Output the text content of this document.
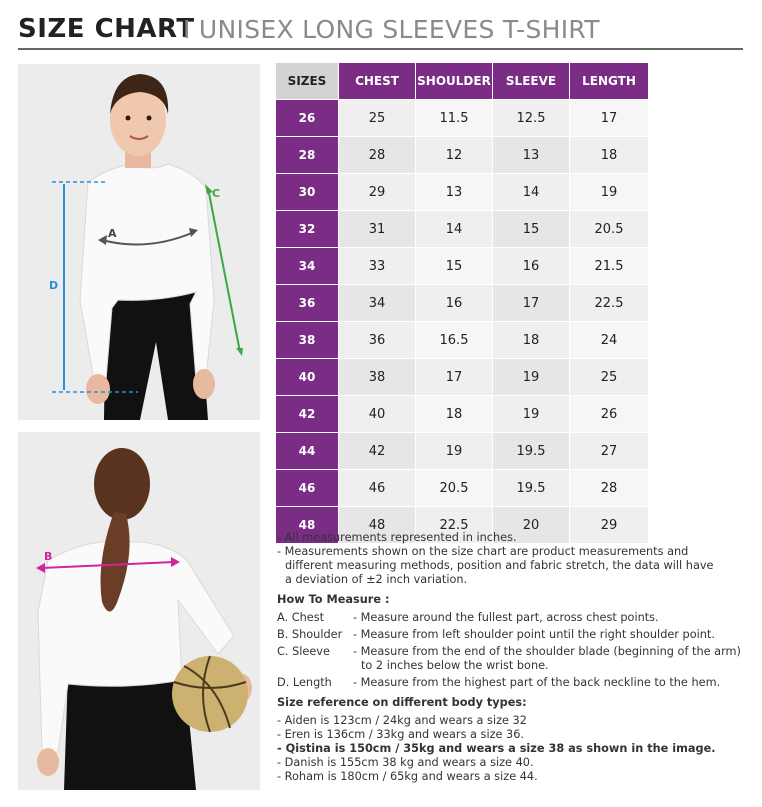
SIZE CHART
I UNISEX LONG SLEEVES T-SHIRT
A
C
D
B
SIZES	CHEST	SHOULDER	SLEEVE	LENGTH
26	25	11.5	12.5	17
28	28	12	13	18
30	29	13	14	19
32	31	14	15	20.5
34	33	15	16	21.5
36	34	16	17	22.5
38	36	16.5	18	24
40	38	17	19	25
42	40	18	19	26
44	42	19	19.5	27
46	46	20.5	19.5	28
48	48	22.5	20	29

- All measurements represented in inches.

- Measurements shown on the size chart are product measurements and

different measuring methods, position and fabric stretch, the data will have

a deviation of ±2 inch variation.

How To Measure :

A. Chest	- Measure around the fullest part, across chest points.
B. Shoulder - Measure from left shoulder point until the right shoulder point.
C. Sleeve	- Measure from the end of the shoulder blade (beginning of the arm)
to 2 inches below the wrist bone.
D. Length	- Measure from the highest part of the back neckline to the hem.

Size reference on different body types:

- Aiden is 123cm / 24kg and wears a size 32

- Eren is 136cm / 33kg and wears a size 36.

- Qistina is 150cm / 35kg and wears a size 38 as shown in the image.

- Danish is 155cm 38 kg and wears a size 40.

- Roham is 180cm / 65kg and wears a size 44.
